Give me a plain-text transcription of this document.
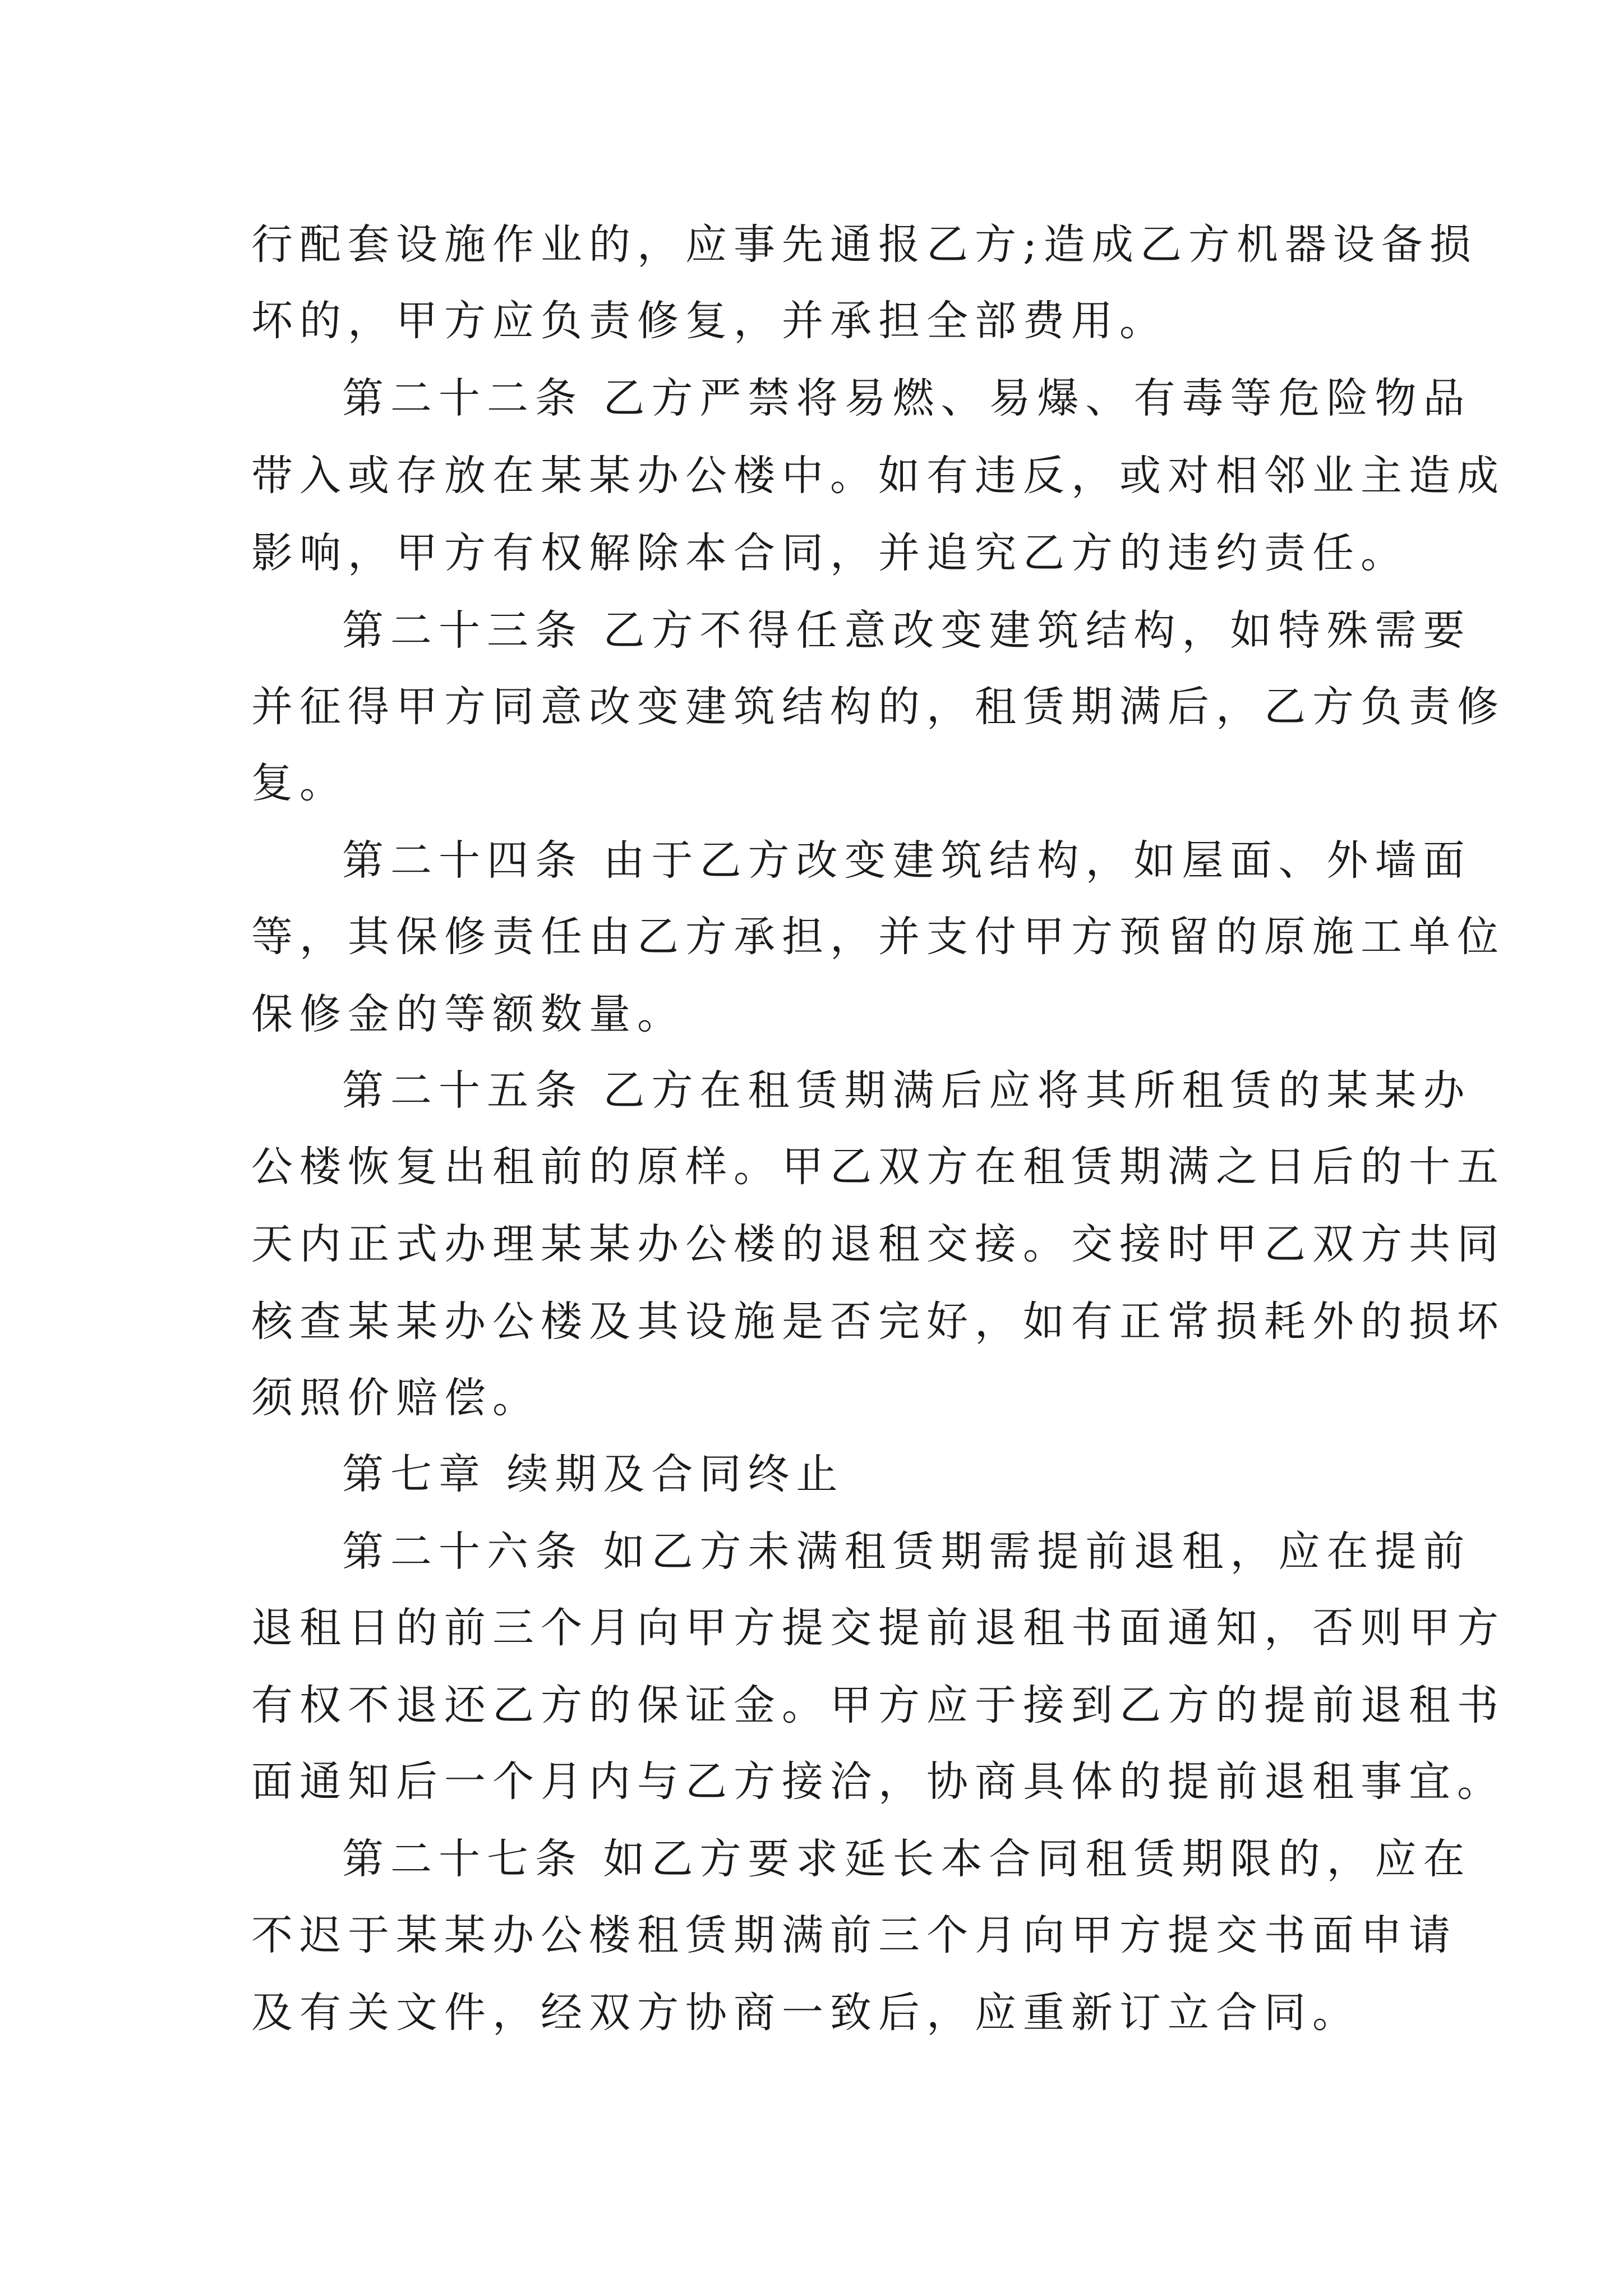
行配套设施作业的，应事先通报乙方;造成乙方机器设备损
坏的，甲方应负责修复，并承担全部费用。
第二十二条 乙方严禁将易燃、易爆、有毒等危险物品
带入或存放在某某办公楼中。如有违反，或对相邻业主造成
影响，甲方有权解除本合同，并追究乙方的违约责任。
第二十三条 乙方不得任意改变建筑结构，如特殊需要
并征得甲方同意改变建筑结构的，租赁期满后，乙方负责修
复。
第二十四条 由于乙方改变建筑结构，如屋面、外墙面
等，其保修责任由乙方承担，并支付甲方预留的原施工单位
保修金的等额数量。
第二十五条 乙方在租赁期满后应将其所租赁的某某办
公楼恢复出租前的原样。甲乙双方在租赁期满之日后的十五
天内正式办理某某办公楼的退租交接。交接时甲乙双方共同
核查某某办公楼及其设施是否完好，如有正常损耗外的损坏
须照价赔偿。
第七章 续期及合同终止
第二十六条 如乙方未满租赁期需提前退租，应在提前
退租日的前三个月向甲方提交提前退租书面通知，否则甲方
有权不退还乙方的保证金。甲方应于接到乙方的提前退租书
面通知后一个月内与乙方接洽，协商具体的提前退租事宜。
第二十七条 如乙方要求延长本合同租赁期限的，应在
不迟于某某办公楼租赁期满前三个月向甲方提交书面申请
及有关文件，经双方协商一致后，应重新订立合同。
